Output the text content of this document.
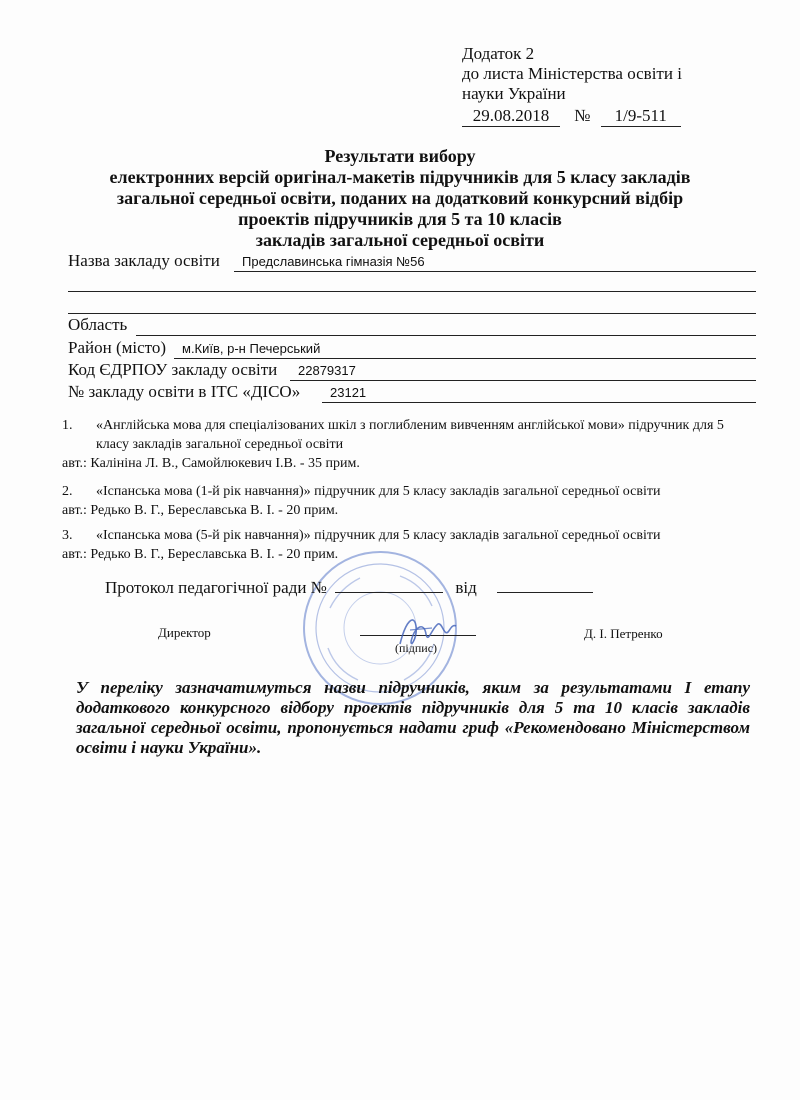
Додаток 2
до листа Міністерства освіти і
науки України
29.08.2018 № 1/9-511
Результати вибору
електронних версій оригінал-макетів підручників для 5 класу закладів
загальної середньої освіти, поданих на додатковий конкурсний відбір
проектів підручників для 5 та 10 класів
закладів загальної середньої освіти
Назва закладу освіти Предславинська гімназія №56
Область
Район (місто) м.Київ, р-н Печерський
Код ЄДРПОУ закладу освіти 22879317
№ закладу освіти в ІТС «ДІСО» 23121
1.	«Англійська мова для спеціалізованих шкіл з поглибленим вивченням англійської мови» підручник для 5 класу закладів загальної середньої освіти
авт.: Калініна Л. В., Самойлюкевич І.В. - 35 прим.
2.	«Іспанська мова (1-й рік навчання)» підручник для 5 класу закладів загальної середньої освіти
авт.: Редько В. Г., Береславська В. І. - 20 прим.
3.	«Іспанська мова (5-й рік навчання)» підручник для 5 класу закладів загальної середньої освіти
авт.: Редько В. Г., Береславська В. І. - 20 прим.
Протокол педагогічної ради №	від
Директор
(підпис)
Д. І. Петренко
У переліку зазначатимуться назви підручників, яким за результатами I етапу додаткового конкурсного відбору проектів підручників для 5 та 10 класів закладів загальної середньої освіти, пропонується надати гриф «Рекомендовано Міністерством освіти і науки України».
